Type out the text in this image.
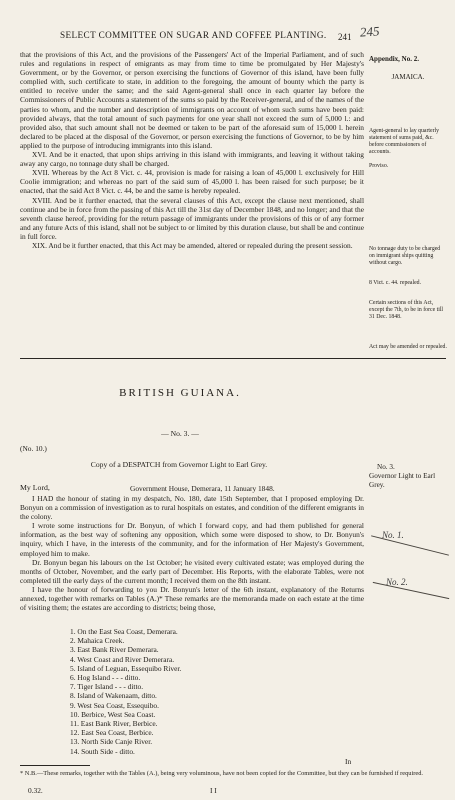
SELECT COMMITTEE ON SUGAR AND COFFEE PLANTING. 241 245

that the provisions of this Act, and the provisions of the Passengers' Act of the Imperial Parliament, and of such rules and regulations in respect of emigrants as may from time to time be promulgated by Her Majesty's Government, or by the Governor, or person exercising the functions of Governor of this island, have been fully complied with, such certificate to state, in addition to the foregoing, the amount of bounty which the party is entitled to receive under the same; and the said Agent-general shall once in each quarter lay before the Commissioners of Public Accounts a statement of the sums so paid by the Receiver-general, and of the names of the parties to whom, and the number and description of immigrants on account of whom such sums have been paid: provided always, that the total amount of such payments for one year shall not exceed the sum of 5,000 l.: and provided also, that such amount shall not be deemed or taken to be part of the aforesaid sum of 15,000 l. herein declared to be placed at the disposal of the Governor, or person exercising the functions of Governor, to be by him applied to the purpose of introducing immigrants into this island.

XVI. And be it enacted, that upon ships arriving in this island with immigrants, and leaving it without taking away any cargo, no tonnage duty shall be charged.

XVII. Whereas by the Act 8 Vict. c. 44, provision is made for raising a loan of 45,000 l. exclusively for Hill Coolie immigration; and whereas no part of the said sum of 45,000 l. has been raised for such purpose; be it enacted, that the said Act 8 Vict. c. 44, be and the same is hereby repealed.

XVIII. And be it further enacted, that the several clauses of this Act, except the clause next mentioned, shall continue and be in force from the passing of this Act till the 31st day of December 1848, and no longer; and that the seventh clause hereof, providing for the return passage of immigrants under the provisions of this or of any former and any future Acts of this island, shall not be subject to or limited by this duration clause, but shall be and continue in full force.

XIX. And be it further enacted, that this Act may be amended, altered or repealed during the present session.

Appendix, No. 2.
JAMAICA.
Agent-general to lay quarterly statement of sums paid, &c. before commissioners of accounts.
Proviso.
No tonnage duty to be charged on immigrant ships quitting without cargo.
8 Vict. c. 44. repealed.
Certain sections of this Act, except the 7th, to be in force till 31 Dec. 1848.
Act may be amended or repealed.
BRITISH GUIANA.
— No. 3. —
(No. 10.)
Copy of a DESPATCH from Governor Light to Earl Grey.	No. 3.
Governor Light to Earl Grey.
My Lord,	Government House, Demerara, 11 January 1848.

I HAD the honour of stating in my despatch, No. 180, date 15th September, that I proposed employing Dr. Bonyun on a commission of investigation as to rural hospitals on estates, and condition of the different emigrants in the colony.

I wrote some instructions for Dr. Bonyun, of which I forward copy, and had them published for general information, as the best way of softening any opposition, which some were disposed to show, to Dr. Bonyun's inquiry, which I have, in the interests of the community, and for the information of Her Majesty's Government, employed him to make.

Dr. Bonyun began his labours on the 1st October; he visited every cultivated estate; was employed during the months of October, November, and the early part of December. His Reports, with the elaborate Tables, were not completed till the early days of the current month; I received them on the 8th instant.

I have the honour of forwarding to you Dr. Bonyun's letter of the 6th instant, explanatory of the Returns annexed, together with remarks on Tables (A.)* These remarks are the memoranda made on each estate at the time of visiting them; the estates are according to districts; being those,

No. 1.
No. 2.
1. On the East Sea Coast, Demerara.
2. Mahaica Creek.
3. East Bank River Demerara.
4. West Coast and River Demerara.
5. Island of Leguan, Essequibo River.
6. Hog Island - - - ditto.
7. Tiger Island - - - ditto.
8. Island of Wakenaam, ditto.
9. West Sea Coast, Essequibo.
10. Berbice, West Sea Coast.
11. East Bank River, Berbice.
12. East Sea Coast, Berbice.
13. North Side Canje River.
14. South Side - ditto.
In
* N.B.—These remarks, together with the Tables (A.), being very voluminous, have not been copied for the Committee, but they can be furnished if required.
0.32.	I I
